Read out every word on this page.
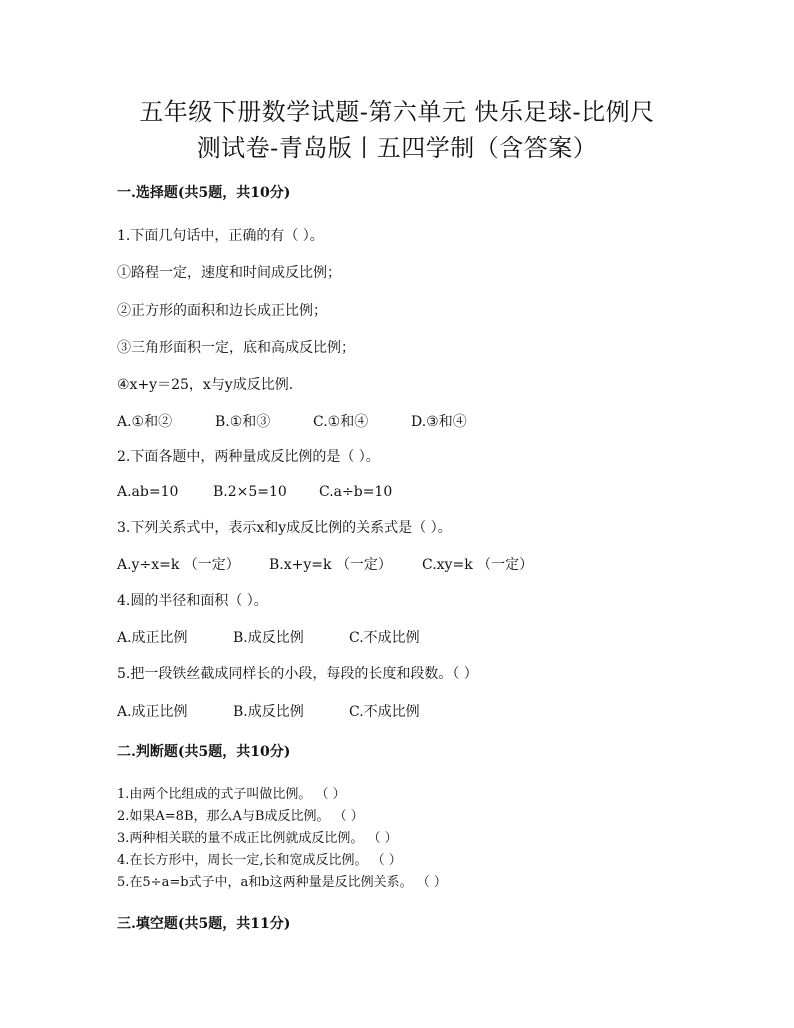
五年级下册数学试题-第六单元 快乐足球-比例尺
测试卷-青岛版丨五四学制（含答案）
一.选择题(共5题，共10分)
1.下面几句话中，正确的有（ ）。
①路程一定，速度和时间成反比例；
②正方形的面积和边长成正比例；
③三角形面积一定，底和高成反比例；
④x+y＝25，x与y成反比例.
A.①和②	B.①和③	C.①和④	D.③和④
2.下面各题中，两种量成反比例的是（ ）。
A.ab=10 B.2×5=10 C.a÷b=10
3.下列关系式中，表示x和y成反比例的关系式是（ ）。
A.y÷x=k （一定） B.x+y=k （一定） C.xy=k （一定）
4.圆的半径和面积（ ）。
A.成正比例	B.成反比例	C.不成比例
5.把一段铁丝截成同样长的小段，每段的长度和段数。（ ）
A.成正比例	B.成反比例	C.不成比例
二.判断题(共5题，共10分)
1.由两个比组成的式子叫做比例。 （ ）
2.如果A=8B，那么A与B成反比例。 （ ）
3.两种相关联的量不成正比例就成反比例。 （ ）
4.在长方形中，周长一定,长和宽成反比例。 （ ）
5.在5÷a=b式子中，a和b这两种量是反比例关系。 （ ）
三.填空题(共5题，共11分)
